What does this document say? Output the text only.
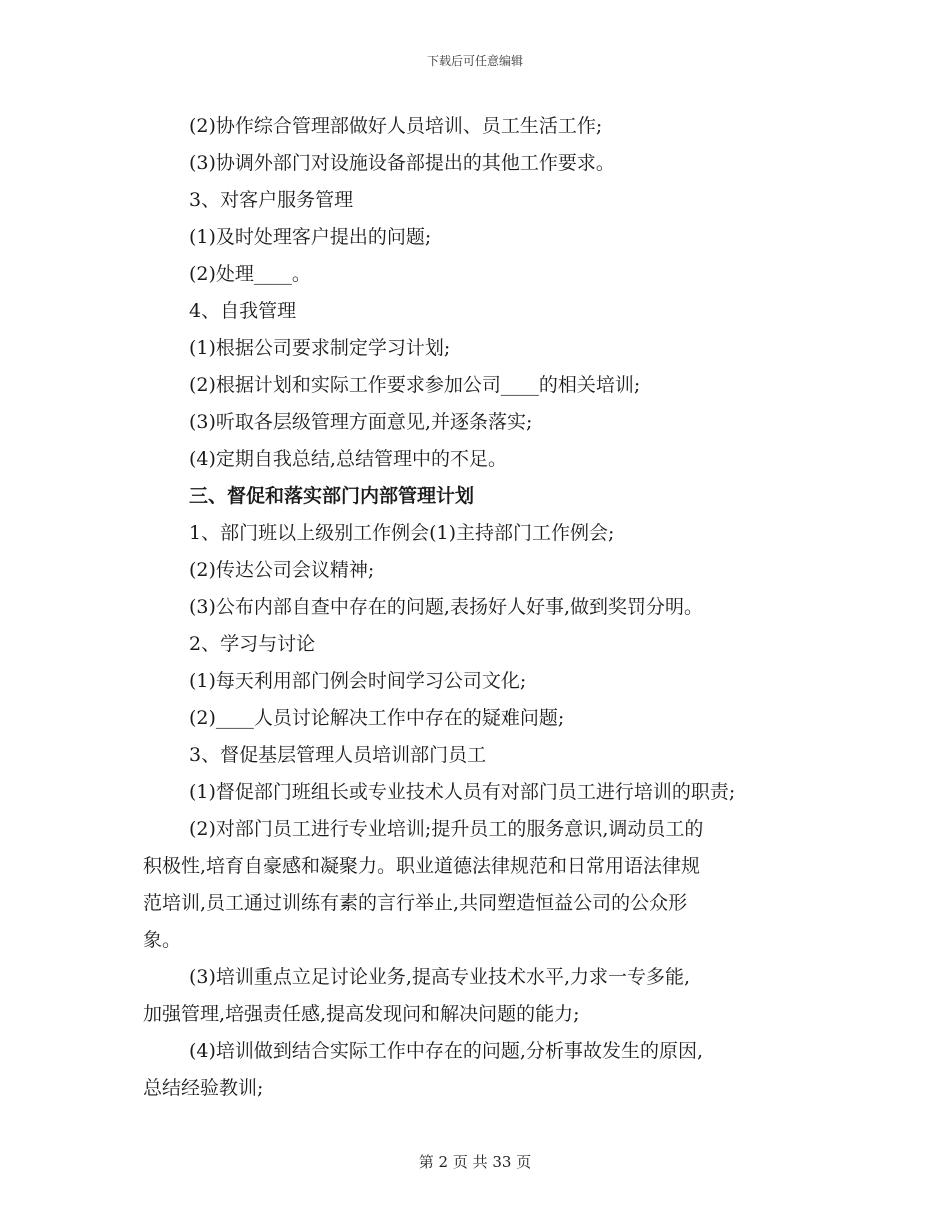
下载后可任意编辑
(2)协作综合管理部做好人员培训、员工生活工作;
(3)协调外部门对设施设备部提出的其他工作要求。
3、对客户服务管理
(1)及时处理客户提出的问题;
(2)处理____。
4、自我管理
(1)根据公司要求制定学习计划;
(2)根据计划和实际工作要求参加公司____的相关培训;
(3)听取各层级管理方面意见,并逐条落实;
(4)定期自我总结,总结管理中的不足。
三、督促和落实部门内部管理计划
1、部门班以上级别工作例会(1)主持部门工作例会;
(2)传达公司会议精神;
(3)公布内部自查中存在的问题,表扬好人好事,做到奖罚分明。
2、学习与讨论
(1)每天利用部门例会时间学习公司文化;
(2)____人员讨论解决工作中存在的疑难问题;
3、督促基层管理人员培训部门员工
(1)督促部门班组长或专业技术人员有对部门员工进行培训的职责;
(2)对部门员工进行专业培训;提升员工的服务意识,调动员工的
积极性,培育自豪感和凝聚力。职业道德法律规范和日常用语法律规
范培训,员工通过训练有素的言行举止,共同塑造恒益公司的公众形
象。
(3)培训重点立足讨论业务,提高专业技术水平,力求一专多能,
加强管理,培强责任感,提高发现问和解决问题的能力;
(4)培训做到结合实际工作中存在的问题,分析事故发生的原因,
总结经验教训;
第 2 页 共 33 页
